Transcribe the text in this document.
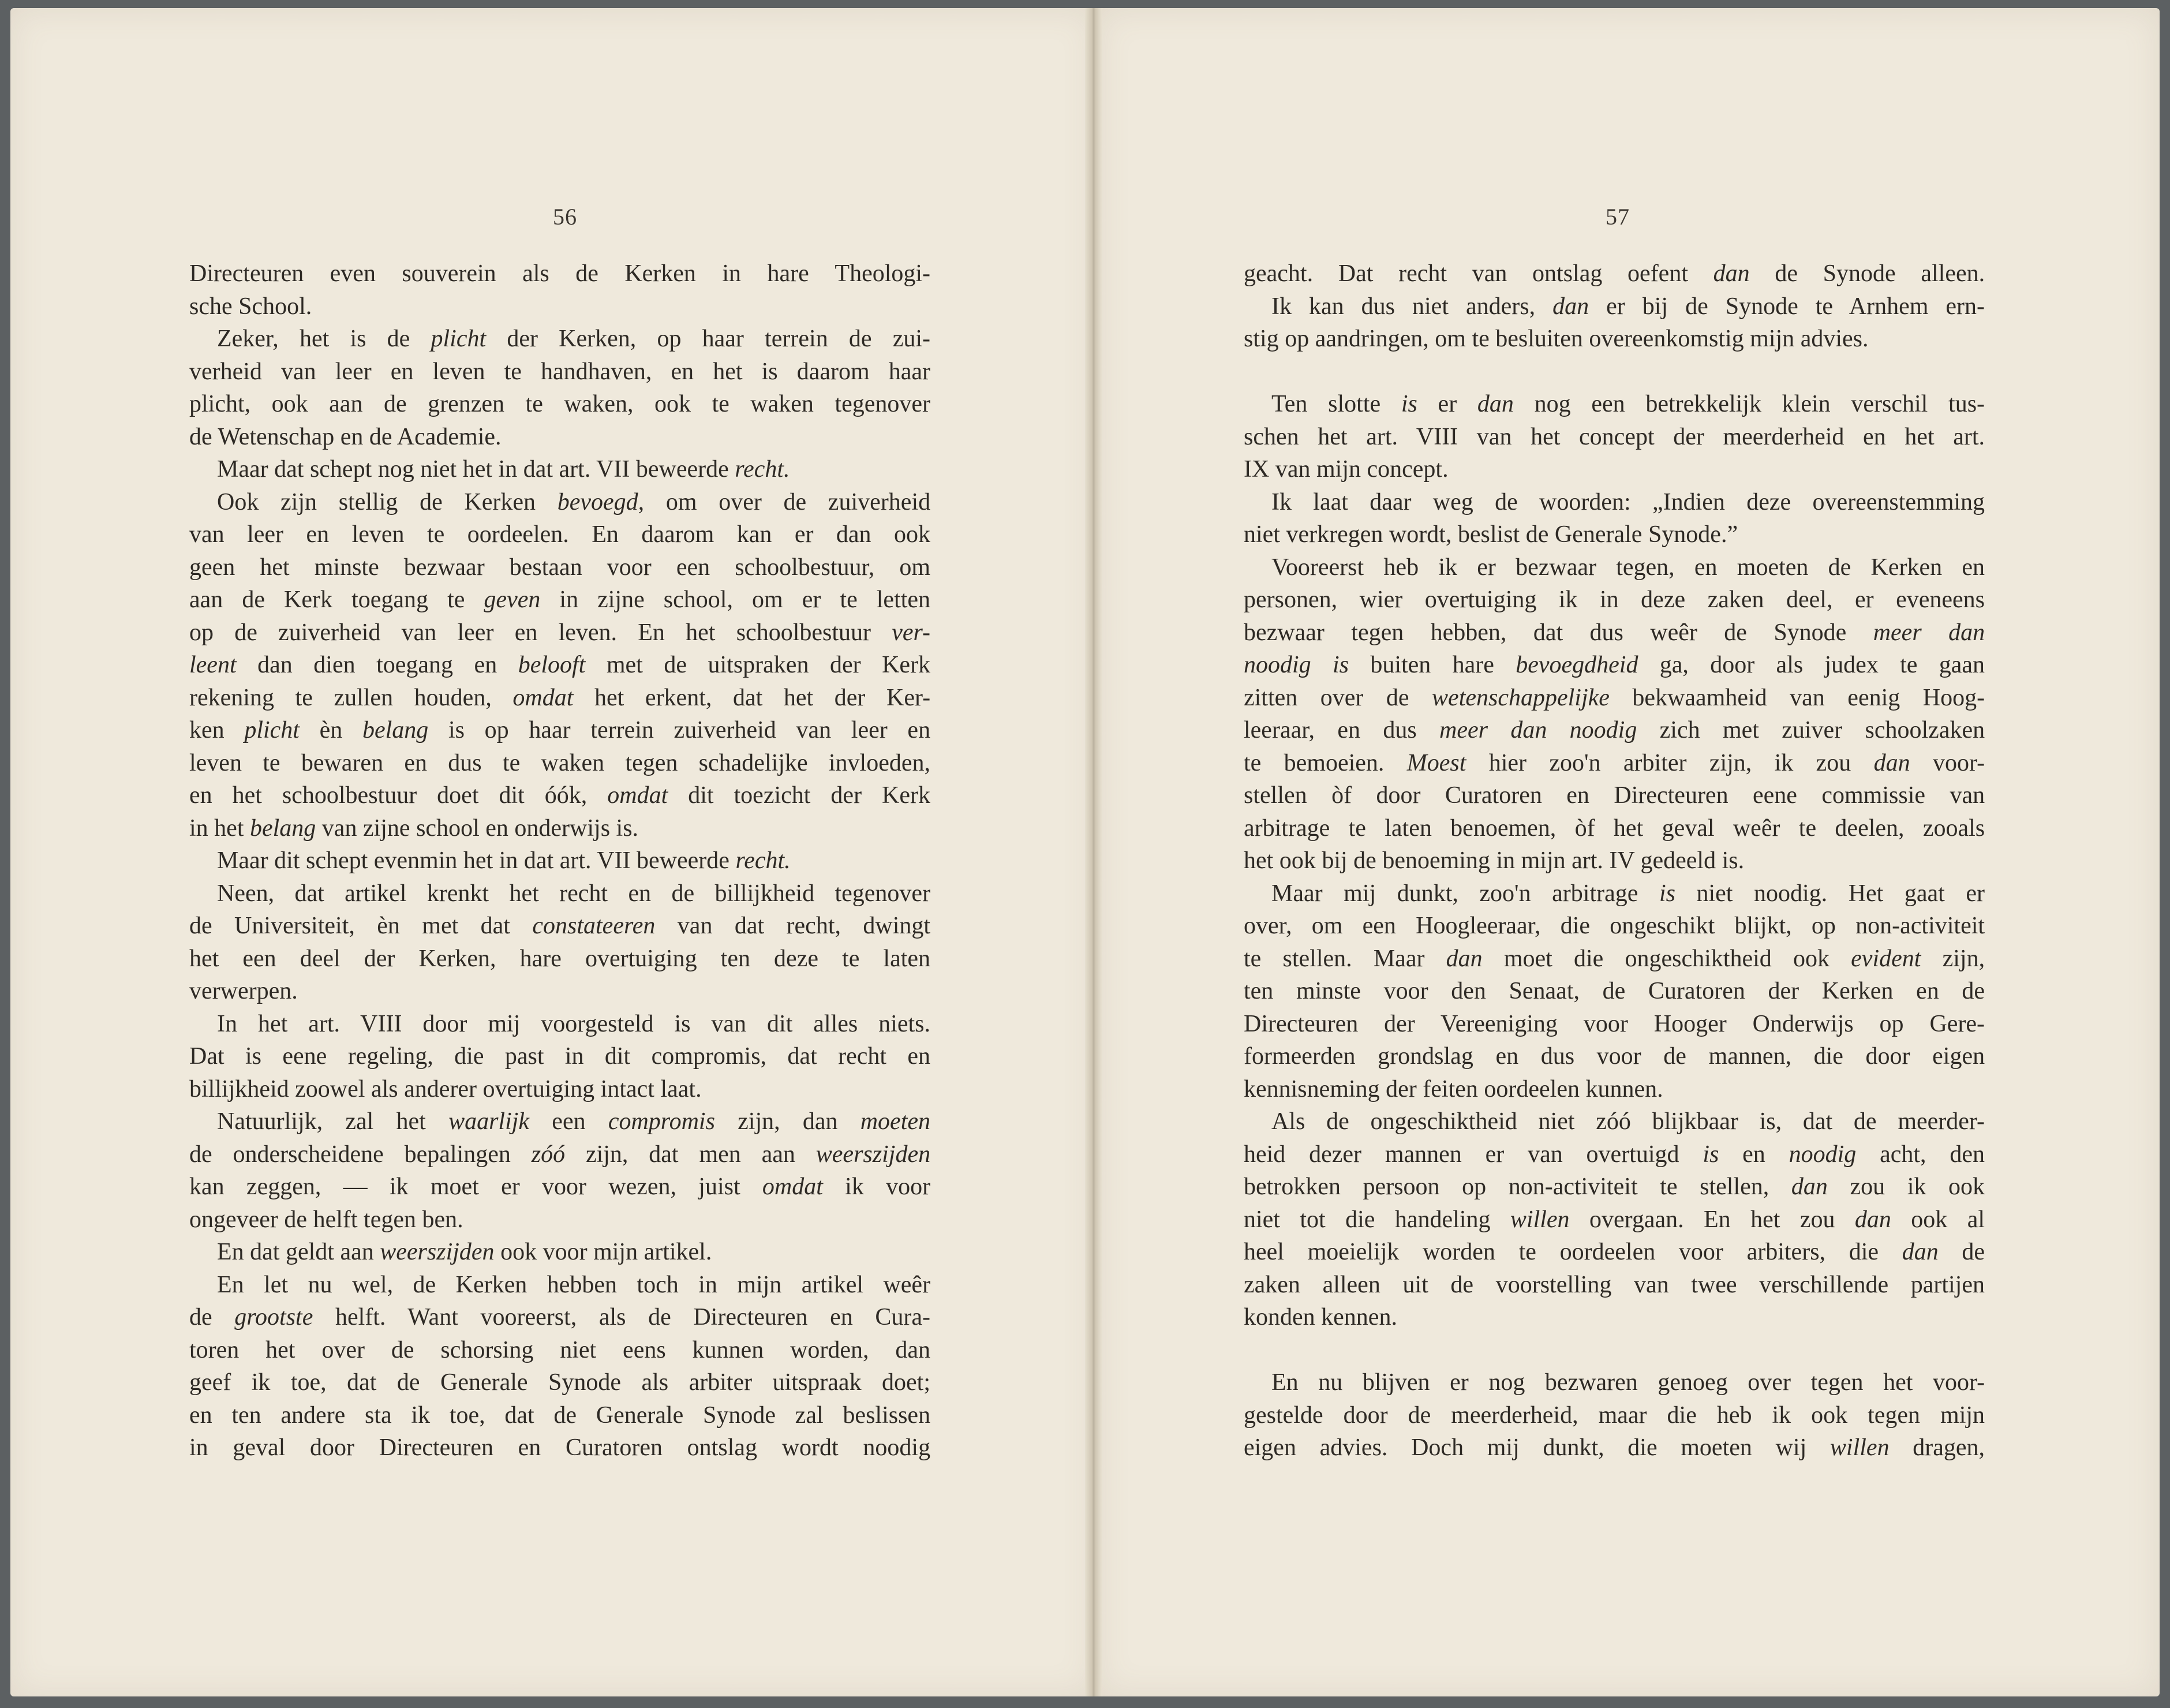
56
Directeuren even souverein als de Kerken in hare Theologi-
sche School.
Zeker, het is de plicht der Kerken, op haar terrein de zui-
verheid van leer en leven te handhaven, en het is daarom haar
plicht, ook aan de grenzen te waken, ook te waken tegenover
de Wetenschap en de Academie.
Maar dat schept nog niet het in dat art. VII beweerde recht.
Ook zijn stellig de Kerken bevoegd, om over de zuiverheid
van leer en leven te oordeelen. En daarom kan er dan ook
geen het minste bezwaar bestaan voor een schoolbestuur, om
aan de Kerk toegang te geven in zijne school, om er te letten
op de zuiverheid van leer en leven. En het schoolbestuur ver-
leent dan dien toegang en belooft met de uitspraken der Kerk
rekening te zullen houden, omdat het erkent, dat het der Ker-
ken plicht èn belang is op haar terrein zuiverheid van leer en
leven te bewaren en dus te waken tegen schadelijke invloeden,
en het schoolbestuur doet dit óók, omdat dit toezicht der Kerk
in het belang van zijne school en onderwijs is.
Maar dit schept evenmin het in dat art. VII beweerde recht.
Neen, dat artikel krenkt het recht en de billijkheid tegenover
de Universiteit, èn met dat constateeren van dat recht, dwingt
het een deel der Kerken, hare overtuiging ten deze te laten
verwerpen.
In het art. VIII door mij voorgesteld is van dit alles niets.
Dat is eene regeling, die past in dit compromis, dat recht en
billijkheid zoowel als anderer overtuiging intact laat.
Natuurlijk, zal het waarlijk een compromis zijn, dan moeten
de onderscheidene bepalingen zóó zijn, dat men aan weerszijden
kan zeggen, — ik moet er voor wezen, juist omdat ik voor
ongeveer de helft tegen ben.
En dat geldt aan weerszijden ook voor mijn artikel.
En let nu wel, de Kerken hebben toch in mijn artikel weêr
de grootste helft. Want vooreerst, als de Directeuren en Cura-
toren het over de schorsing niet eens kunnen worden, dan
geef ik toe, dat de Generale Synode als arbiter uitspraak doet;
en ten andere sta ik toe, dat de Generale Synode zal beslissen
in geval door Directeuren en Curatoren ontslag wordt noodig
57
geacht. Dat recht van ontslag oefent dan de Synode alleen.
Ik kan dus niet anders, dan er bij de Synode te Arnhem ern-
stig op aandringen, om te besluiten overeenkomstig mijn advies.

Ten slotte is er dan nog een betrekkelijk klein verschil tus-
schen het art. VIII van het concept der meerderheid en het art.
IX van mijn concept.
Ik laat daar weg de woorden: „Indien deze overeenstemming
niet verkregen wordt, beslist de Generale Synode.”
Vooreerst heb ik er bezwaar tegen, en moeten de Kerken en
personen, wier overtuiging ik in deze zaken deel, er eveneens
bezwaar tegen hebben, dat dus weêr de Synode meer dan
noodig is buiten hare bevoegdheid ga, door als judex te gaan
zitten over de wetenschappelijke bekwaamheid van eenig Hoog-
leeraar, en dus meer dan noodig zich met zuiver schoolzaken
te bemoeien. Moest hier zoo'n arbiter zijn, ik zou dan voor-
stellen òf door Curatoren en Directeuren eene commissie van
arbitrage te laten benoemen, òf het geval weêr te deelen, zooals
het ook bij de benoeming in mijn art. IV gedeeld is.
Maar mij dunkt, zoo'n arbitrage is niet noodig. Het gaat er
over, om een Hoogleeraar, die ongeschikt blijkt, op non-activiteit
te stellen. Maar dan moet die ongeschiktheid ook evident zijn,
ten minste voor den Senaat, de Curatoren der Kerken en de
Directeuren der Vereeniging voor Hooger Onderwijs op Gere-
formeerden grondslag en dus voor de mannen, die door eigen
kennisneming der feiten oordeelen kunnen.
Als de ongeschiktheid niet zóó blijkbaar is, dat de meerder-
heid dezer mannen er van overtuigd is en noodig acht, den
betrokken persoon op non-activiteit te stellen, dan zou ik ook
niet tot die handeling willen overgaan. En het zou dan ook al
heel moeielijk worden te oordeelen voor arbiters, die dan de
zaken alleen uit de voorstelling van twee verschillende partijen
konden kennen.

En nu blijven er nog bezwaren genoeg over tegen het voor-
gestelde door de meerderheid, maar die heb ik ook tegen mijn
eigen advies. Doch mij dunkt, die moeten wij willen dragen,
